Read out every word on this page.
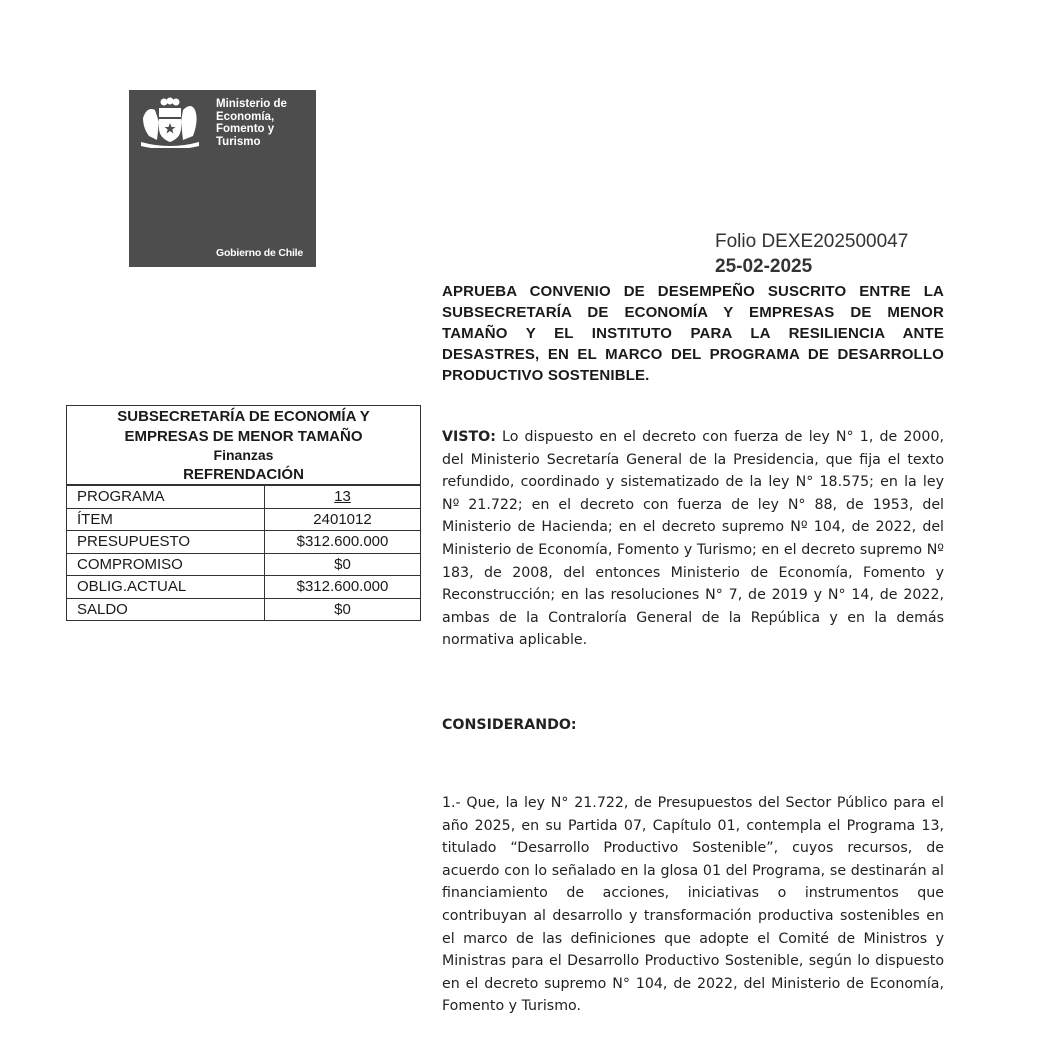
Ministerio de
Economía,
Fomento y
Turismo
Gobierno de Chile
Folio DEXE202500047
25-02-2025
APRUEBA CONVENIO DE DESEMPEÑO SUSCRITO ENTRE LA SUBSECRETARÍA DE ECONOMÍA Y EMPRESAS DE MENOR TAMAÑO Y EL INSTITUTO PARA LA RESILIENCIA ANTE DESASTRES, EN EL MARCO DEL PROGRAMA DE DESARROLLO PRODUCTIVO SOSTENIBLE.
SUBSECRETARÍA DE ECONOMÍA Y
EMPRESAS DE MENOR TAMAÑO
Finanzas
REFRENDACIÓN
PROGRAMA	13
ÍTEM	2401012
PRESUPUESTO	$312.600.000
COMPROMISO	$0
OBLIG.ACTUAL	$312.600.000
SALDO	$0
VISTO: Lo dispuesto en el decreto con fuerza de ley N° 1, de 2000, del Ministerio Secretaría General de la Presidencia, que fija el texto refundido, coordinado y sistematizado de la ley N° 18.575; en la ley Nº 21.722; en el decreto con fuerza de ley N° 88, de 1953, del Ministerio de Hacienda; en el decreto supremo Nº 104, de 2022, del Ministerio de Economía, Fomento y Turismo; en el decreto supremo Nº 183, de 2008, del entonces Ministerio de Economía, Fomento y Reconstrucción; en las resoluciones N° 7, de 2019 y N° 14, de 2022, ambas de la Contraloría General de la República y en la demás normativa aplicable.
CONSIDERANDO:
1.- Que, la ley N° 21.722, de Presupuestos del Sector Público para el año 2025, en su Partida 07, Capítulo 01, contempla el Programa 13, titulado “Desarrollo Productivo Sostenible”, cuyos recursos, de acuerdo con lo señalado en la glosa 01 del Programa, se destinarán al financiamiento de acciones, iniciativas o instrumentos que contribuyan al desarrollo y transformación productiva sostenibles en el marco de las definiciones que adopte el Comité de Ministros y Ministras para el Desarrollo Productivo Sostenible, según lo dispuesto en el decreto supremo N° 104, de 2022, del Ministerio de Economía, Fomento y Turismo.
